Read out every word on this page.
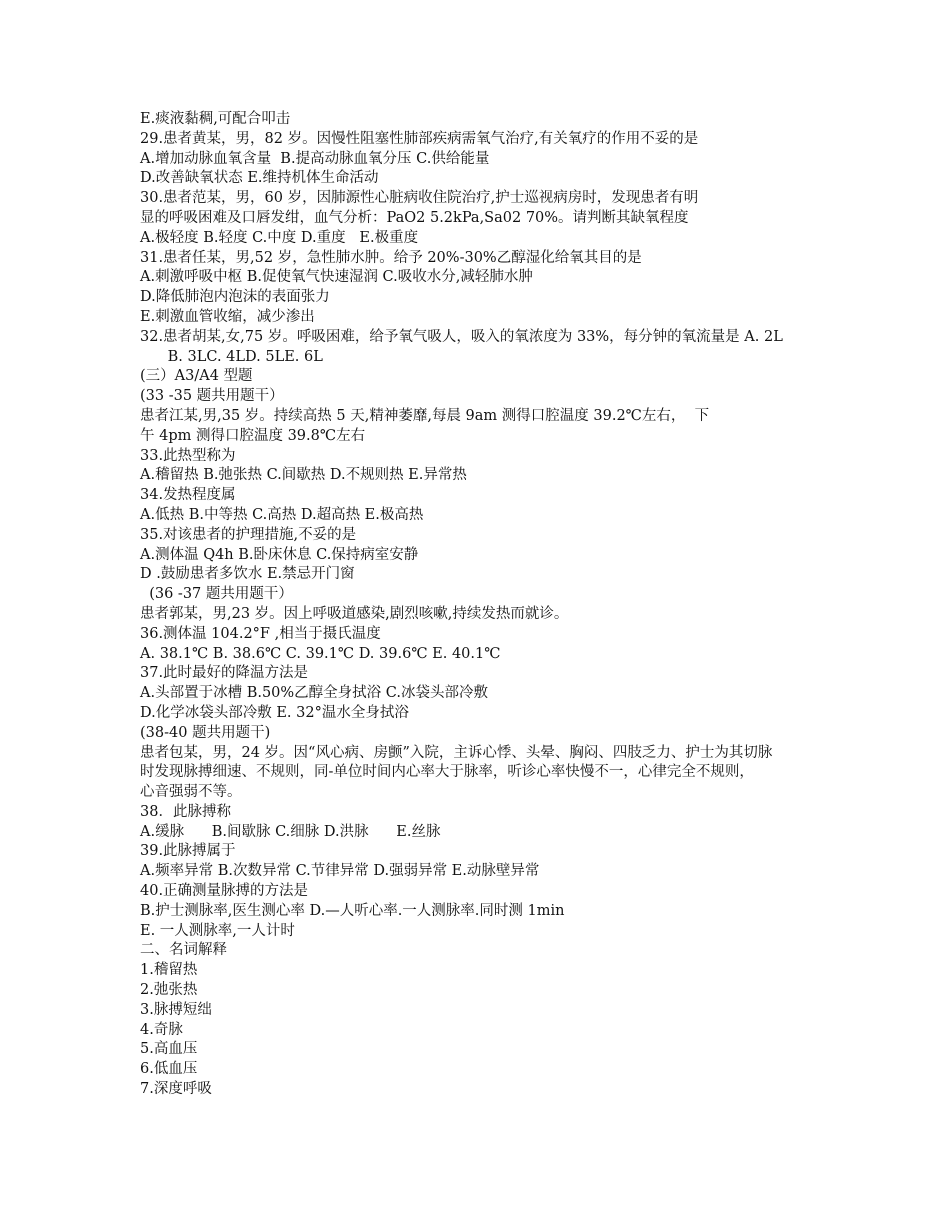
E.痰液黏稠,可配合叩击
29.患者黄某，男，82 岁。因慢性阻塞性肺部疾病需氧气治疗,有关氧疗的作用不妥的是
A.增加动脉血氧含量  B.提高动脉血氧分压 C.供给能量
D.改善缺氧状态 E.维持机体生命活动
30.患者范某，男，60 岁，因肺源性心脏病收住院治疗,护士巡视病房时，发现患者有明
显的呼吸困难及口唇发绀，血气分析：PaO2 5.2kPa,Sa02 70%。请判断其缺氧程度
A.极轻度 B.轻度 C.中度 D.重度   E.极重度
31.患者任某，男,52 岁，急性肺水肿。给予 20%-30%乙醇湿化给氧其目的是
A.刺激呼吸中枢 B.促使氧气快速湿润 C.吸收水分,减轻肺水肿
D.降低肺泡内泡沫的表面张力
E.刺激血管收缩，减少渗出
32.患者胡某,女,75 岁。呼吸困难，给予氧气吸人，吸入的氧浓度为 33%，每分钟的氧流量是 A. 2L
B. 3LC. 4LD. 5LE. 6L
(三）A3/A4 型题
(33 -35 题共用题干）
患者江某,男,35 岁。持续高热 5 天,精神萎靡,每晨 9am 测得口腔温度 39.2℃左右，  下
午 4pm 测得口腔温度 39.8℃左右
33.此热型称为
A.稽留热 B.弛张热 C.间歇热 D.不规则热 E.异常热
34.发热程度属
A.低热 B.中等热 C.高热 D.超高热 E.极高热
35.对该患者的护理措施,不妥的是
A.测体温 Q4h B.卧床休息 C.保持病室安静
D .鼓励患者多饮水 E.禁忌开门窗
(36 -37 题共用题干）
患者郭某，男,23 岁。因上呼吸道感染,剧烈咳嗽,持续发热而就诊。
36.测体温 104.2°F ,相当于摄氏温度
A. 38.1℃ B. 38.6℃ C. 39.1℃ D. 39.6℃ E. 40.1℃
37.此时最好的降温方法是
A.头部置于冰槽 B.50%乙醇全身拭浴 C.冰袋头部冷敷
D.化学冰袋头部冷敷 E. 32°温水全身拭浴
(38-40 题共用题干)
患者包某，男，24 岁。因“风心病、房颤”入院，主诉心悸、头晕、胸闷、四肢乏力、护士为其切脉
时发现脉搏细速、不规则，同-单位时间内心率大于脉率，听诊心率快慢不一，心律完全不规则，
心音强弱不等。
38．此脉搏称
A.缓脉      B.间歇脉 C.细脉 D.洪脉      E.丝脉
39.此脉搏属于
A.频率异常 B.次数异常 C.节律异常 D.强弱异常 E.动脉壁异常
40.正确测量脉搏的方法是
B.护士测脉率,医生测心率 D.—人听心率.一人测脉率.同时测 1min
E. 一人测脉率,一人计时
二、名词解释
1.稽留热
2.弛张热
3.脉搏短绌
4.奇脉
5.高血压
6.低血压
7.深度呼吸
